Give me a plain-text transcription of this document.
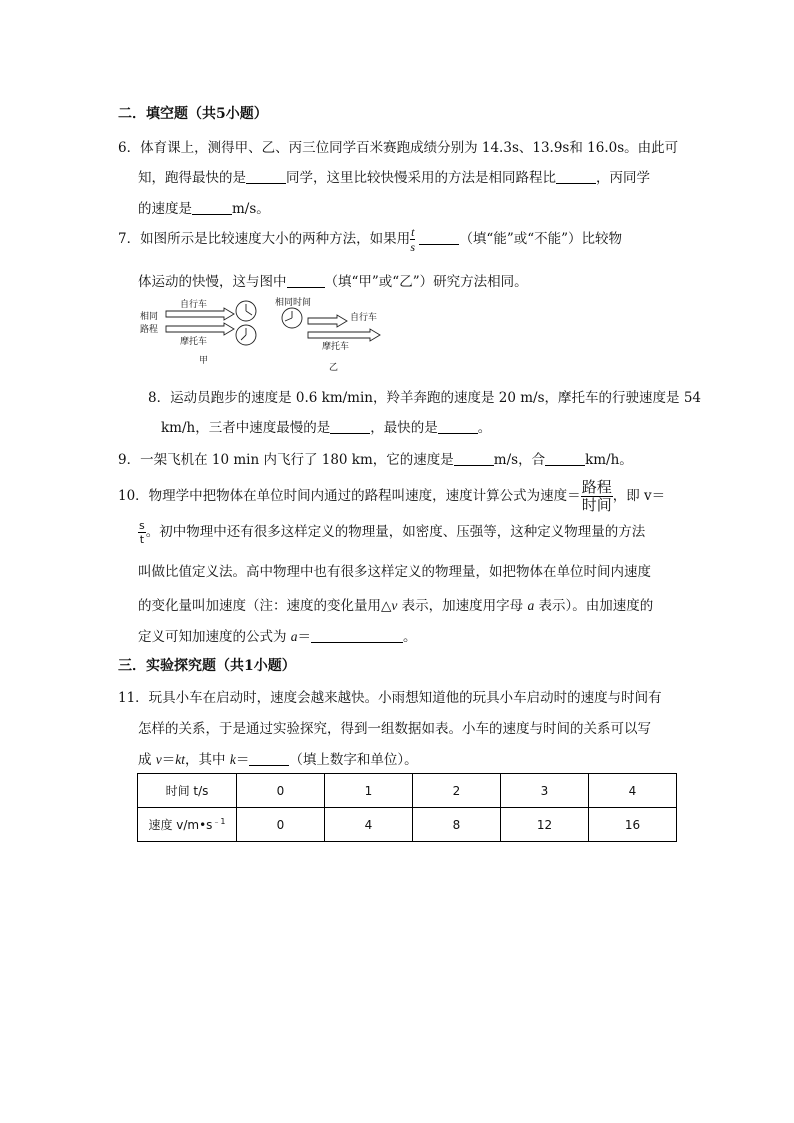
二．填空题（共5小题）
6．体育课上，测得甲、乙、丙三位同学百米赛跑成绩分别为 14.3s、13.9s和 16.0s。由此可
知，跑得最快的是	同学，这里比较快慢采用的方法是相同路程比	，丙同学
的速度是	m/s。
7．如图所示是比较速度大小的两种方法，如果用 $\frac{t}{s}$	（填“能”或“不能”）比较物
体运动的快慢，这与图中	（填“甲”或“乙”）研究方法相同。
相同
路程
自行车
摩托车
甲
相同时间
自行车
摩托车
乙
8．运动员跑步的速度是 0.6 km/min，羚羊奔跑的速度是 20 m/s，摩托车的行驶速度是 54
km/h，三者中速度最慢的是	，最快的是	。
9．一架飞机在 10 min 内飞行了 180 km，它的速度是	m/s，合	km/h。
10．物理学中把物体在单位时间内通过的路程叫速度，速度计算公式为速度＝ $\frac{\text{路程}}{\text{时间}}$ ，即 v＝
$\frac{s}{t}$ 。初中物理中还有很多这样定义的物理量，如密度、压强等，这种定义物理量的方法
叫做比值定义法。高中物理中也有很多这样定义的物理量，如把物体在单位时间内速度
的变化量叫加速度（注：速度的变化量用△v 表示，加速度用字母 a 表示）。由加速度的
定义可知加速度的公式为 a＝	。
三．实验探究题（共1小题）
11．玩具小车在启动时，速度会越来越快。小雨想知道他的玩具小车启动时的速度与时间有
怎样的关系，于是通过实验探究，得到一组数据如表。小车的速度与时间的关系可以写
成 v＝kt，其中 k＝	（填上数字和单位）。
时间 t/s	0	1	2	3	4
速度 $v/m•s^{﹣1}$	0	4	8	12	16
